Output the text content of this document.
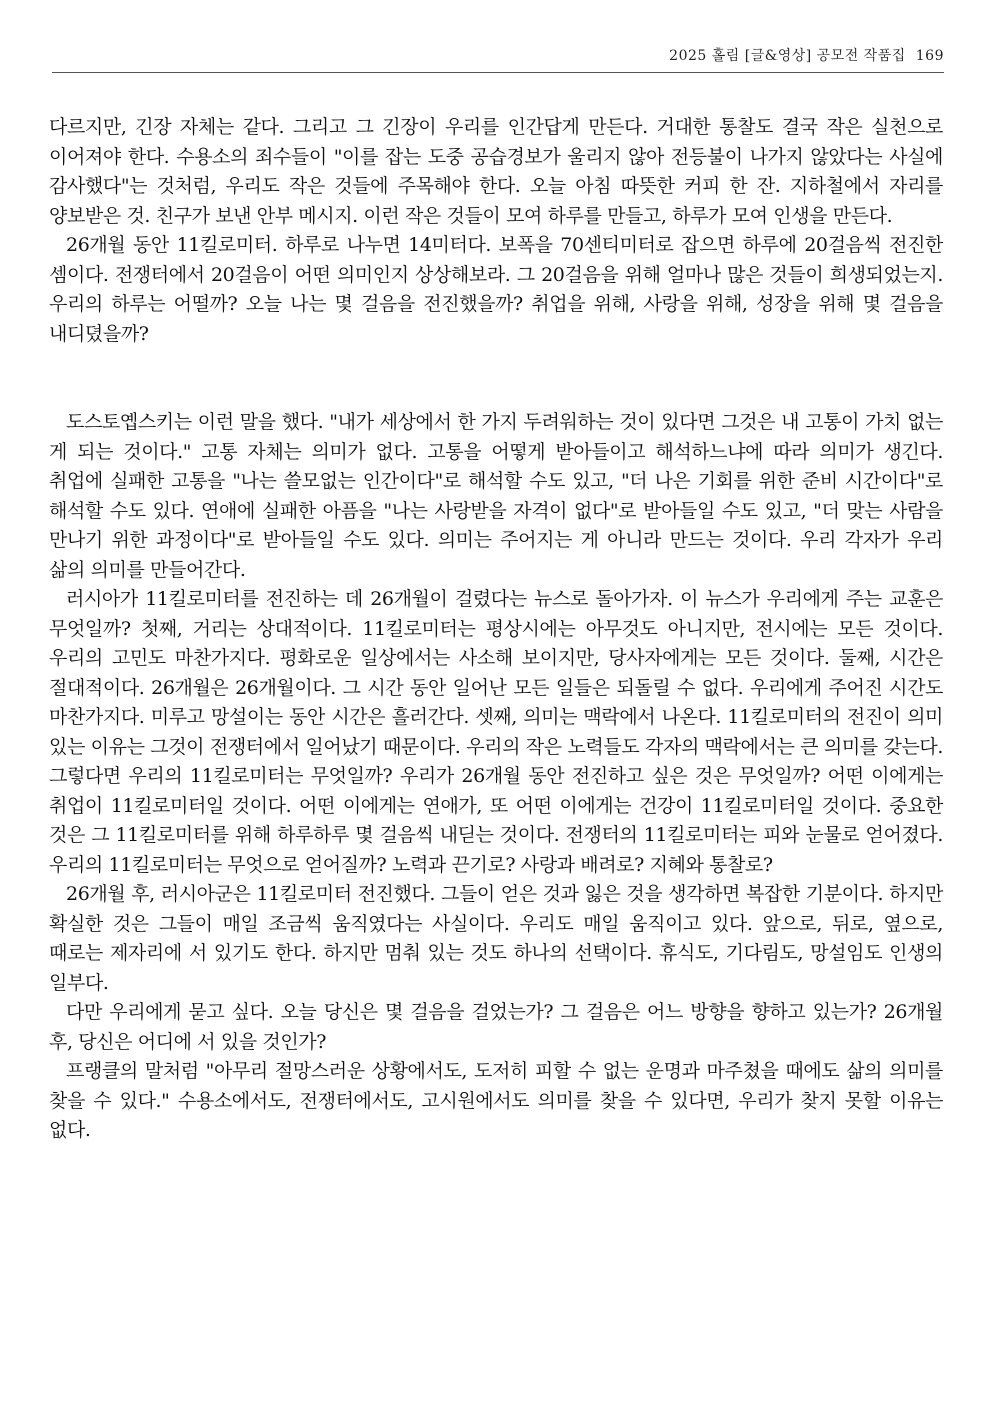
2025 홀림 [글&영상] 공모전 작품집 169

다르지만, 긴장 자체는 같다. 그리고 그 긴장이 우리를 인간답게 만든다. 거대한 통찰도 결국 작은 실천으로 이어져야 한다. 수용소의 죄수들이 "이를 잡는 도중 공습경보가 울리지 않아 전등불이 나가지 않았다는 사실에 감사했다"는 것처럼, 우리도 작은 것들에 주목해야 한다. 오늘 아침 따뜻한 커피 한 잔. 지하철에서 자리를 양보받은 것. 친구가 보낸 안부 메시지. 이런 작은 것들이 모여 하루를 만들고, 하루가 모여 인생을 만든다.

26개월 동안 11킬로미터. 하루로 나누면 14미터다. 보폭을 70센티미터로 잡으면 하루에 20걸음씩 전진한 셈이다. 전쟁터에서 20걸음이 어떤 의미인지 상상해보라. 그 20걸음을 위해 얼마나 많은 것들이 희생되었는지. 우리의 하루는 어떨까? 오늘 나는 몇 걸음을 전진했을까? 취업을 위해, 사랑을 위해, 성장을 위해 몇 걸음을 내디뎠을까?

도스토옙스키는 이런 말을 했다. "내가 세상에서 한 가지 두려워하는 것이 있다면 그것은 내 고통이 가치 없는 게 되는 것이다." 고통 자체는 의미가 없다. 고통을 어떻게 받아들이고 해석하느냐에 따라 의미가 생긴다. 취업에 실패한 고통을 "나는 쓸모없는 인간이다"로 해석할 수도 있고, "더 나은 기회를 위한 준비 시간이다"로 해석할 수도 있다. 연애에 실패한 아픔을 "나는 사랑받을 자격이 없다"로 받아들일 수도 있고, "더 맞는 사람을 만나기 위한 과정이다"로 받아들일 수도 있다. 의미는 주어지는 게 아니라 만드는 것이다. 우리 각자가 우리 삶의 의미를 만들어간다.

러시아가 11킬로미터를 전진하는 데 26개월이 걸렸다는 뉴스로 돌아가자. 이 뉴스가 우리에게 주는 교훈은 무엇일까? 첫째, 거리는 상대적이다. 11킬로미터는 평상시에는 아무것도 아니지만, 전시에는 모든 것이다. 우리의 고민도 마찬가지다. 평화로운 일상에서는 사소해 보이지만, 당사자에게는 모든 것이다. 둘째, 시간은 절대적이다. 26개월은 26개월이다. 그 시간 동안 일어난 모든 일들은 되돌릴 수 없다. 우리에게 주어진 시간도 마찬가지다. 미루고 망설이는 동안 시간은 흘러간다. 셋째, 의미는 맥락에서 나온다. 11킬로미터의 전진이 의미 있는 이유는 그것이 전쟁터에서 일어났기 때문이다. 우리의 작은 노력들도 각자의 맥락에서는 큰 의미를 갖는다. 그렇다면 우리의 11킬로미터는 무엇일까? 우리가 26개월 동안 전진하고 싶은 것은 무엇일까? 어떤 이에게는 취업이 11킬로미터일 것이다. 어떤 이에게는 연애가, 또 어떤 이에게는 건강이 11킬로미터일 것이다. 중요한 것은 그 11킬로미터를 위해 하루하루 몇 걸음씩 내딛는 것이다. 전쟁터의 11킬로미터는 피와 눈물로 얻어졌다. 우리의 11킬로미터는 무엇으로 얻어질까? 노력과 끈기로? 사랑과 배려로? 지혜와 통찰로?

26개월 후, 러시아군은 11킬로미터 전진했다. 그들이 얻은 것과 잃은 것을 생각하면 복잡한 기분이다. 하지만 확실한 것은 그들이 매일 조금씩 움직였다는 사실이다. 우리도 매일 움직이고 있다. 앞으로, 뒤로, 옆으로, 때로는 제자리에 서 있기도 한다. 하지만 멈춰 있는 것도 하나의 선택이다. 휴식도, 기다림도, 망설임도 인생의 일부다.

다만 우리에게 묻고 싶다. 오늘 당신은 몇 걸음을 걸었는가? 그 걸음은 어느 방향을 향하고 있는가? 26개월 후, 당신은 어디에 서 있을 것인가?

프랭클의 말처럼 "아무리 절망스러운 상황에서도, 도저히 피할 수 없는 운명과 마주쳤을 때에도 삶의 의미를 찾을 수 있다." 수용소에서도, 전쟁터에서도, 고시원에서도 의미를 찾을 수 있다면, 우리가 찾지 못할 이유는 없다.
